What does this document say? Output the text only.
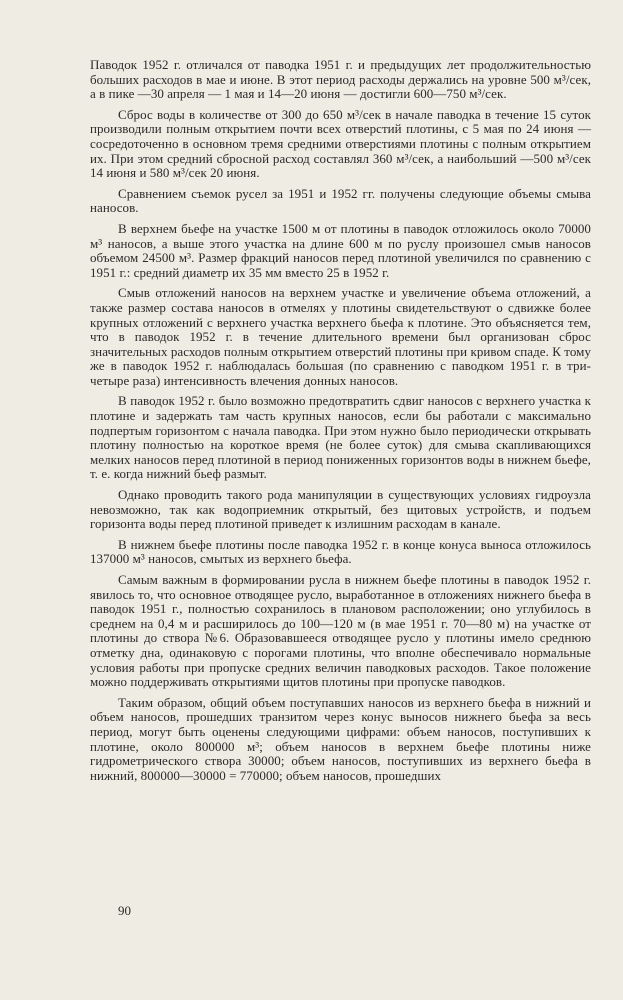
Паводок 1952 г. отличался от паводка 1951 г. и предыдущих лет продолжительностью больших расходов в мае и июне. В этот период расходы держались на уровне 500 м³/сек, а в пике —30 апреля — 1 мая и 14—20 июня — достигли 600—750 м³/сек.

Сброс воды в количестве от 300 до 650 м³/сек в начале паводка в течение 15 суток производили полным открытием почти всех отверстий плотины, с 5 мая по 24 июня — сосредоточенно в основном тремя средними отверстиями плотины с полным открытием их. При этом средний сбросной расход составлял 360 м³/сек, а наибольший —500 м³/сек 14 июня и 580 м³/сек 20 июня.

Сравнением съемок русел за 1951 и 1952 гг. получены следующие объемы смыва наносов.

В верхнем бьефе на участке 1500 м от плотины в паводок отложилось около 70000 м³ наносов, а выше этого участка на длине 600 м по руслу произошел смыв наносов объемом 24500 м³. Размер фракций наносов перед плотиной увеличился по сравнению с 1951 г.: средний диаметр их 35 мм вместо 25 в 1952 г.

Смыв отложений наносов на верхнем участке и увеличение объема отложений, а также размер состава наносов в отмелях у плотины свидетельствуют о сдвижке более крупных отложений с верхнего участка верхнего бьефа к плотине. Это объясняется тем, что в паводок 1952 г. в течение длительного времени был организован сброс значительных расходов полным открытием отверстий плотины при кривом спаде. К тому же в паводок 1952 г. наблюдалась большая (по сравнению с паводком 1951 г. в три-четыре раза) интенсивность влечения донных наносов.

В паводок 1952 г. было возможно предотвратить сдвиг наносов с верхнего участка к плотине и задержать там часть крупных наносов, если бы работали с максимально подпертым горизонтом с начала паводка. При этом нужно было периодически открывать плотину полностью на короткое время (не более суток) для смыва скапливающихся мелких наносов перед плотиной в период пониженных горизонтов воды в нижнем бьефе, т. е. когда нижний бьеф размыт.

Однако проводить такого рода манипуляции в существующих условиях гидроузла невозможно, так как водоприемник открытый, без щитовых устройств, и подъем горизонта воды перед плотиной приведет к излишним расходам в канале.

В нижнем бьефе плотины после паводка 1952 г. в конце конуса выноса отложилось 137000 м³ наносов, смытых из верхнего бьефа.

Самым важным в формировании русла в нижнем бьефе плотины в паводок 1952 г. явилось то, что основное отводящее русло, выработанное в отложениях нижнего бьефа в паводок 1951 г., полностью сохранилось в плановом расположении; оно углубилось в среднем на 0,4 м и расширилось до 100—120 м (в мае 1951 г. 70—80 м) на участке от плотины до створа №6. Образовавшееся отводящее русло у плотины имело среднюю отметку дна, одинаковую с порогами плотины, что вполне обеспечивало нормальные условия работы при пропуске средних величин паводковых расходов. Такое положение можно поддерживать открытиями щитов плотины при пропуске паводков.

Таким образом, общий объем поступавших наносов из верхнего бьефа в нижний и объем наносов, прошедших транзитом через конус выносов нижнего бьефа за весь период, могут быть оценены следующими цифрами: объем наносов, поступивших к плотине, около 800000 м³; объем наносов в верхнем бьефе плотины ниже гидрометрического створа 30000; объем наносов, поступивших из верхнего бьефа в нижний, 800000—30000 = 770000; объем наносов, прошедших

90
